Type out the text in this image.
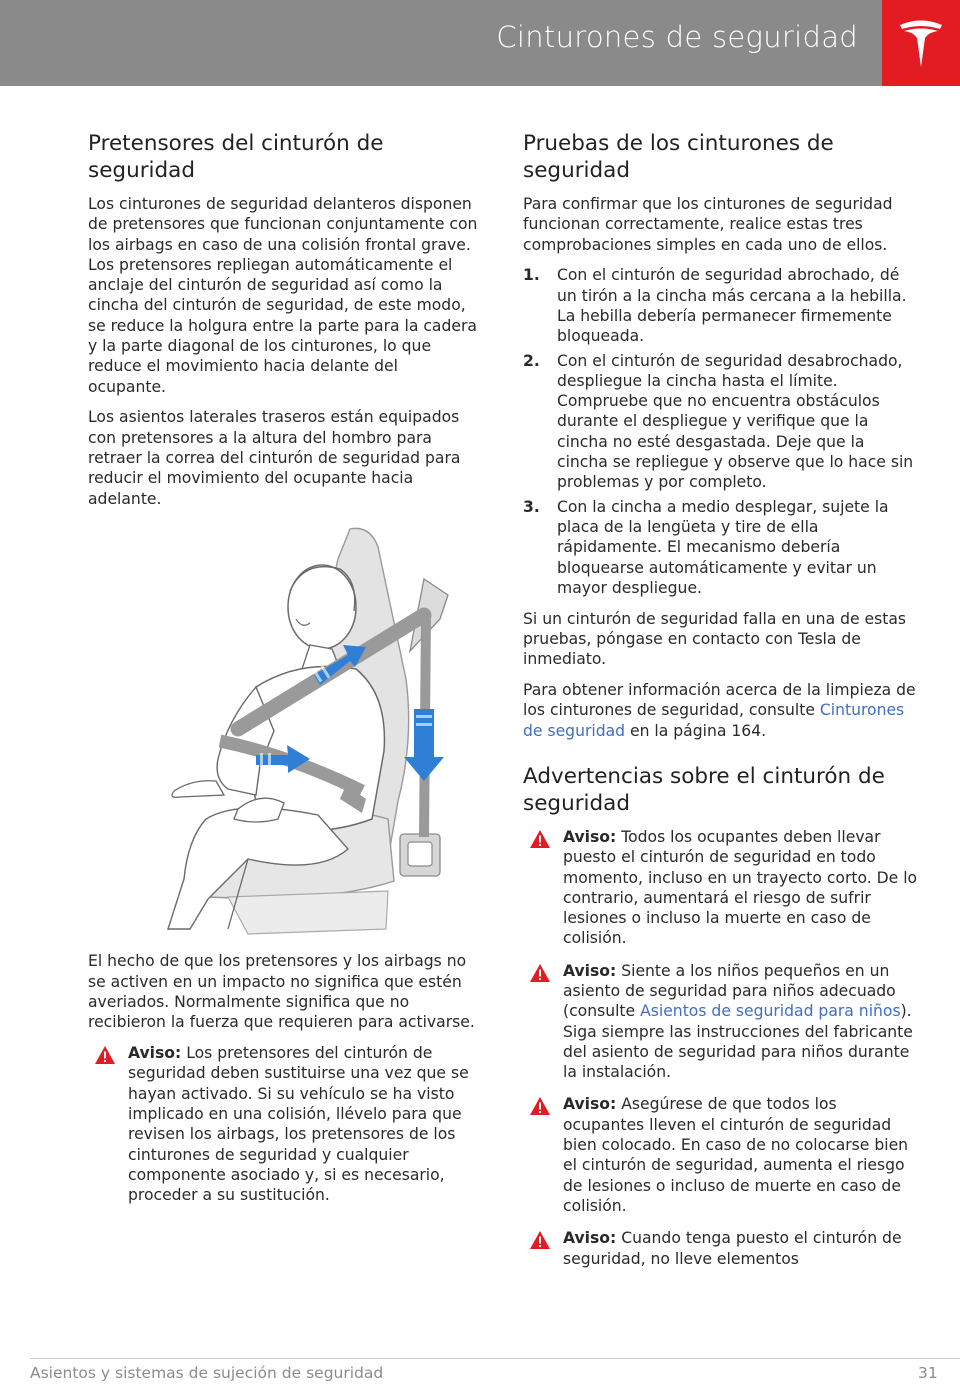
Cinturones de seguridad
Pretensores del cinturón de seguridad

Los cinturones de seguridad delanteros disponen de pretensores que funcionan conjuntamente con los airbags en caso de una colisión frontal grave. Los pretensores repliegan automáticamente el anclaje del cinturón de seguridad así como la cincha del cinturón de seguridad, de este modo, se reduce la holgura entre la parte para la cadera y la parte diagonal de los cinturones, lo que reduce el movimiento hacia delante del ocupante.

Los asientos laterales traseros están equipados con pretensores a la altura del hombro para retraer la correa del cinturón de seguridad para reducir el movimiento del ocupante hacia adelante.

El hecho de que los pretensores y los airbags no se activen en un impacto no significa que estén averiados. Normalmente significa que no recibieron la fuerza que requieren para activarse.

Aviso: Los pretensores del cinturón de seguridad deben sustituirse una vez que se hayan activado. Si su vehículo se ha visto implicado en una colisión, llévelo para que revisen los airbags, los pretensores de los cinturones de seguridad y cualquier componente asociado y, si es necesario, proceder a su sustitución.

Pruebas de los cinturones de seguridad

Para confirmar que los cinturones de seguridad funcionan correctamente, realice estas tres comprobaciones simples en cada uno de ellos.

1. Con el cinturón de seguridad abrochado, dé un tirón a la cincha más cercana a la hebilla. La hebilla debería permanecer firmemente bloqueada.
2. Con el cinturón de seguridad desabrochado, despliegue la cincha hasta el límite. Compruebe que no encuentra obstáculos durante el despliegue y verifique que la cincha no esté desgastada. Deje que la cincha se repliegue y observe que lo hace sin problemas y por completo.
3. Con la cincha a medio desplegar, sujete la placa de la lengüeta y tire de ella rápidamente. El mecanismo debería bloquearse automáticamente y evitar un mayor despliegue.

Si un cinturón de seguridad falla en una de estas pruebas, póngase en contacto con Tesla de inmediato.

Para obtener información acerca de la limpieza de los cinturones de seguridad, consulte Cinturones de seguridad en la página 164.

Advertencias sobre el cinturón de seguridad

Aviso: Todos los ocupantes deben llevar puesto el cinturón de seguridad en todo momento, incluso en un trayecto corto. De lo contrario, aumentará el riesgo de sufrir lesiones o incluso la muerte en caso de colisión.

Aviso: Siente a los niños pequeños en un asiento de seguridad para niños adecuado (consulte Asientos de seguridad para niños). Siga siempre las instrucciones del fabricante del asiento de seguridad para niños durante la instalación.

Aviso: Asegúrese de que todos los ocupantes lleven el cinturón de seguridad bien colocado. En caso de no colocarse bien el cinturón de seguridad, aumenta el riesgo de lesiones o incluso de muerte en caso de colisión.

Aviso: Cuando tenga puesto el cinturón de seguridad, no lleve elementos

Asientos y sistemas de sujeción de seguridad	31
